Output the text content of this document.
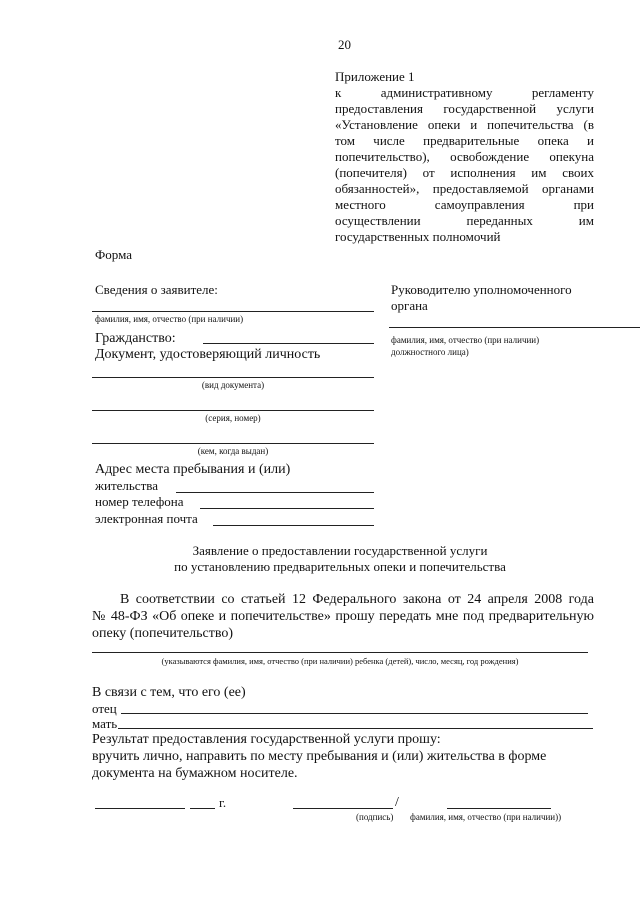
20
Приложение 1
к административному регламенту
предоставления государственной услуги
«Установление опеки и попечительства (в
том числе предварительные опека и
попечительство), освобождение опекуна
(попечителя) от исполнения им своих
обязанностей», предоставляемой органами
местного самоуправления при
осуществлении переданных им
государственных полномочий
Форма
Сведения о заявителе:
фамилия, имя, отчество (при наличии)
Гражданство:
Документ, удостоверяющий личность
(вид документа)
(серия, номер)
(кем, когда выдан)
Адрес места пребывания и (или)
жительства
номер телефона
электронная почта
Руководителю уполномоченного
органа
фамилия, имя, отчество (при наличии)
должностного лица)
Заявление о предоставлении государственной услуги
по установлению предварительных опеки и попечительства
В соответствии со статьей 12 Федерального закона от 24 апреля 2008 года
№ 48-ФЗ «Об опеке и попечительстве» прошу передать мне под предварительную
опеку (попечительство)
(указываются фамилия, имя, отчество (при наличии) ребенка (детей), число, месяц, год рождения)
В связи с тем, что его (ее)
отец
мать
Результат предоставления государственной услуги прошу:
вручить лично, направить по месту пребывания и (или) жительства в форме
документа на бумажном носителе.
г.	/
(подпись) фамилия, имя, отчество (при наличии))
